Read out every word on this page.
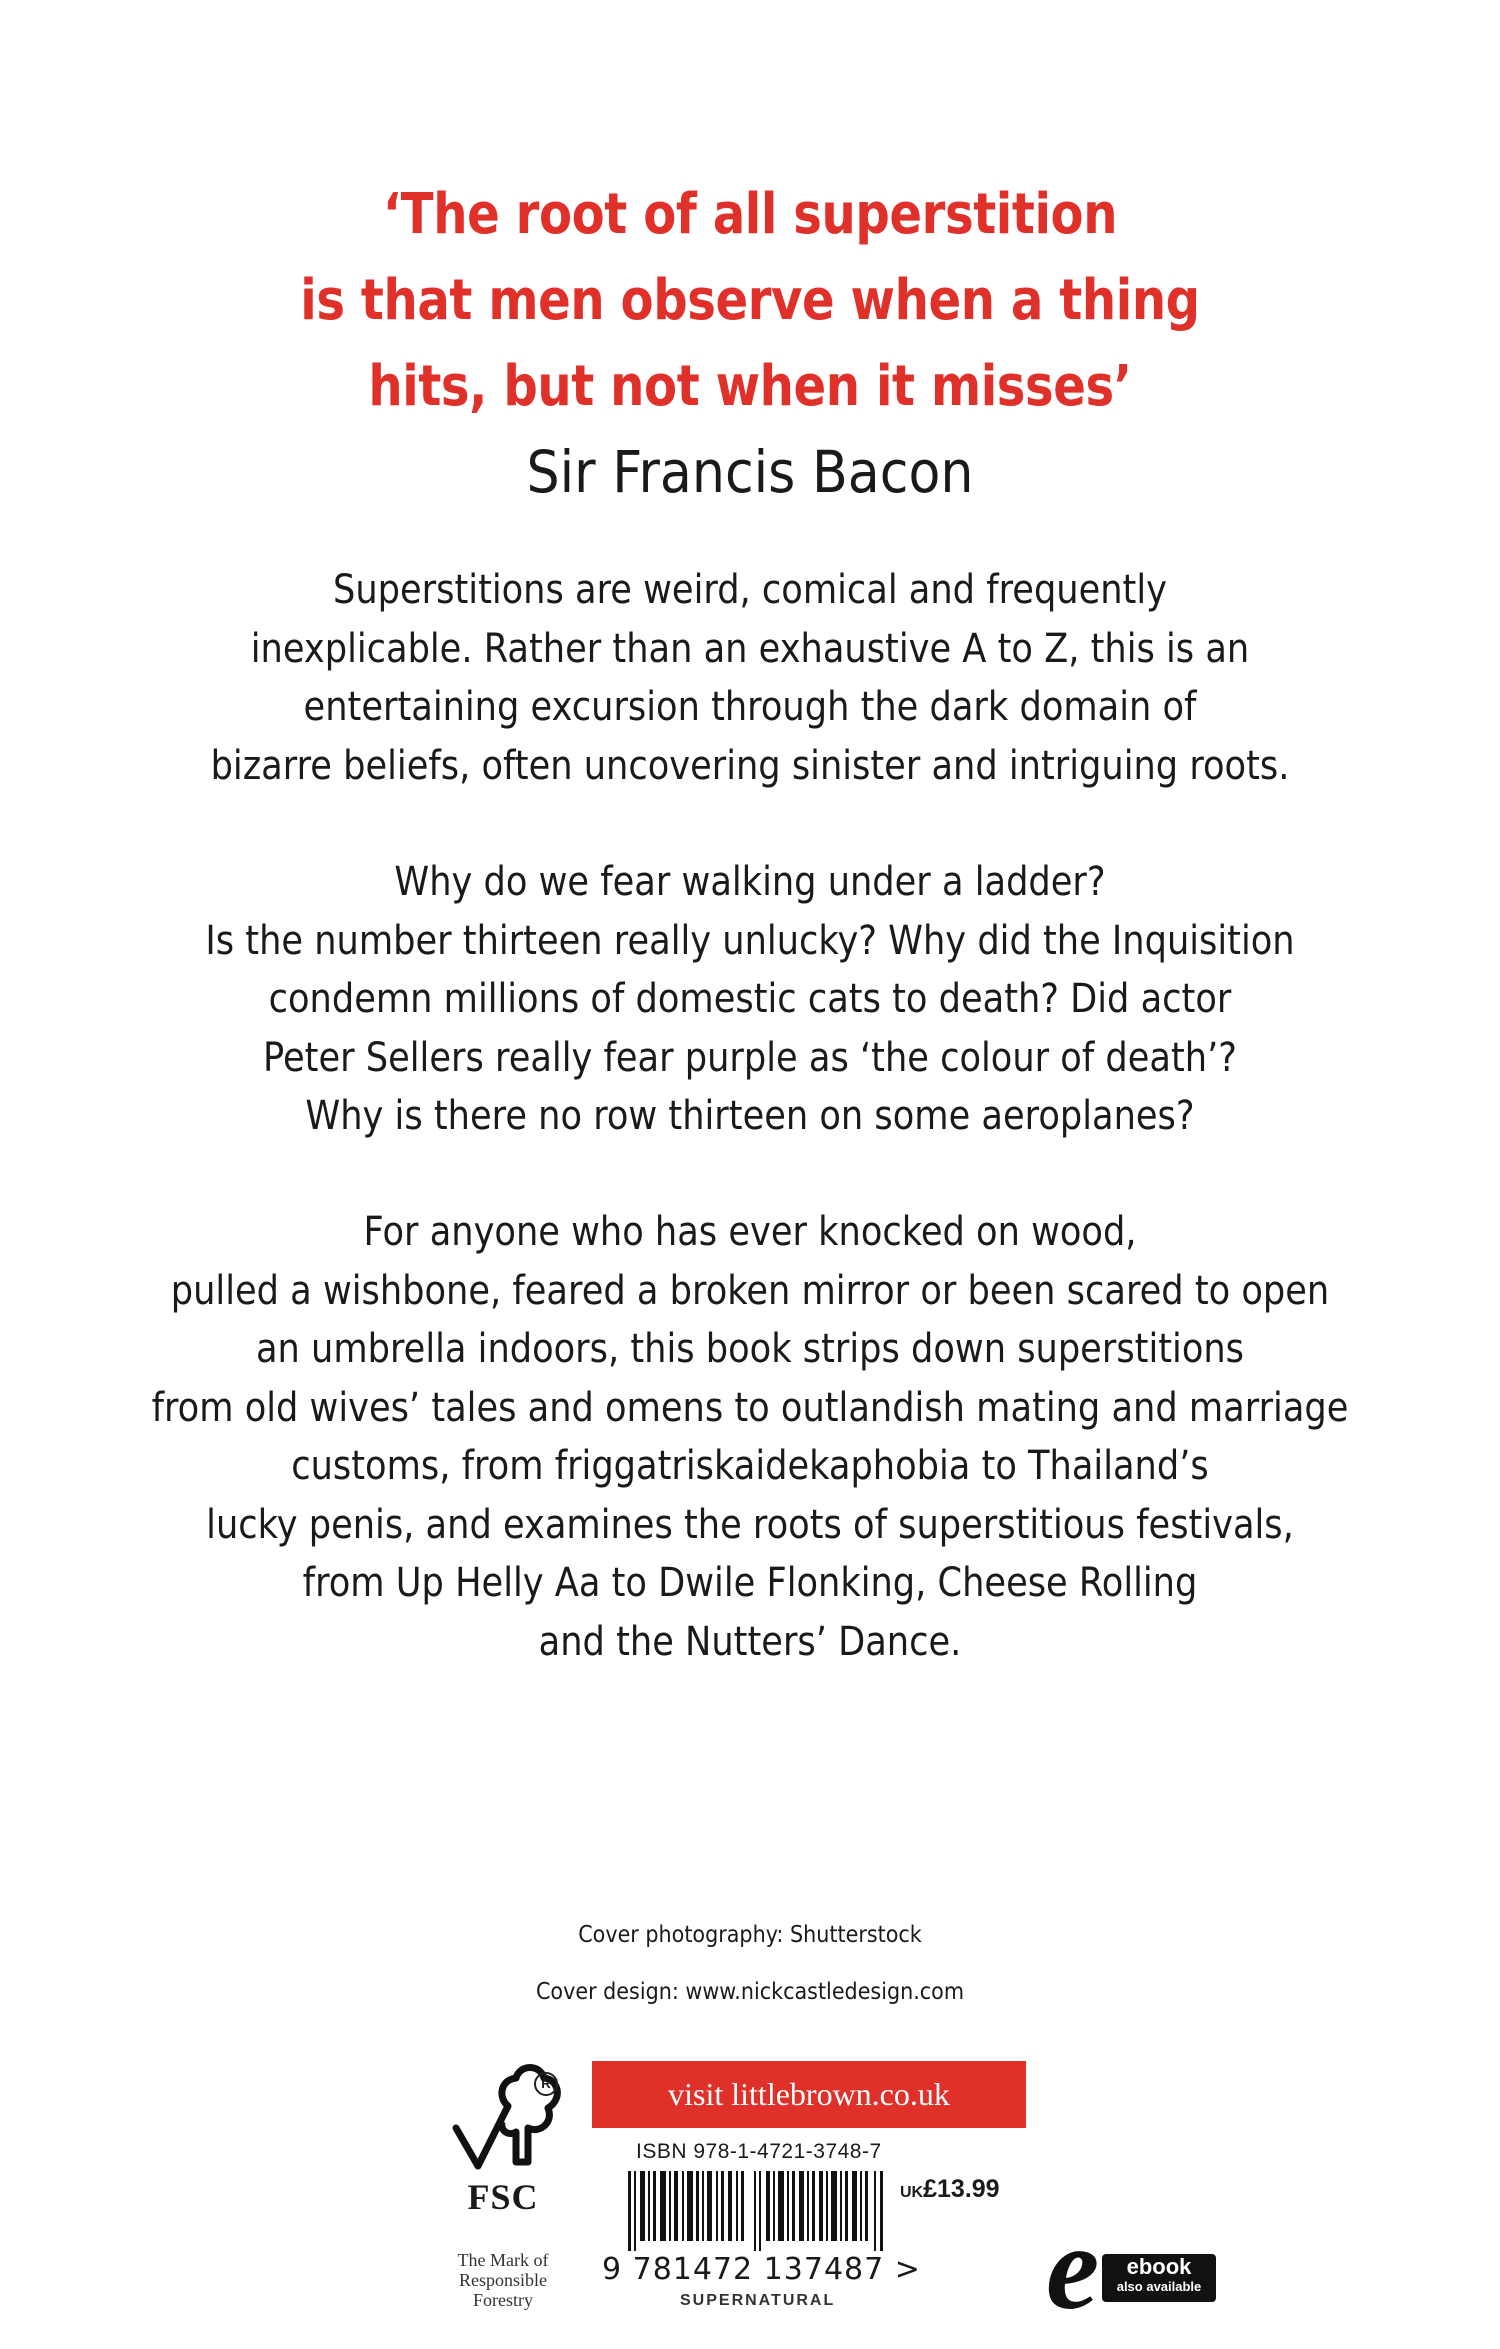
‘The root of all superstition
is that men observe when a thing
hits, but not when it misses’
Sir Francis Bacon
Superstitions are weird, comical and frequently
inexplicable. Rather than an exhaustive A to Z, this is an
entertaining excursion through the dark domain of
bizarre beliefs, often uncovering sinister and intriguing roots.
Why do we fear walking under a ladder?
Is the number thirteen really unlucky? Why did the Inquisition
condemn millions of domestic cats to death? Did actor
Peter Sellers really fear purple as ‘the colour of death’?
Why is there no row thirteen on some aeroplanes?
For anyone who has ever knocked on wood,
pulled a wishbone, feared a broken mirror or been scared to open
an umbrella indoors, this book strips down superstitions
from old wives’ tales and omens to outlandish mating and marriage
customs, from friggatriskaidekaphobia to Thailand’s
lucky penis, and examines the roots of superstitious festivals,
from Up Helly Aa to Dwile Flonking, Cheese Rolling
and the Nutters’ Dance.
Cover photography: Shutterstock
Cover design: www.nickcastledesign.com
FSC
The Mark of
Responsible
Forestry
R	visit littlebrown.co.uk
ISBN 978-1-4721-3748-7
UK£13.99
9 781472 137487 >
SUPERNATURAL e	ebook
also available
